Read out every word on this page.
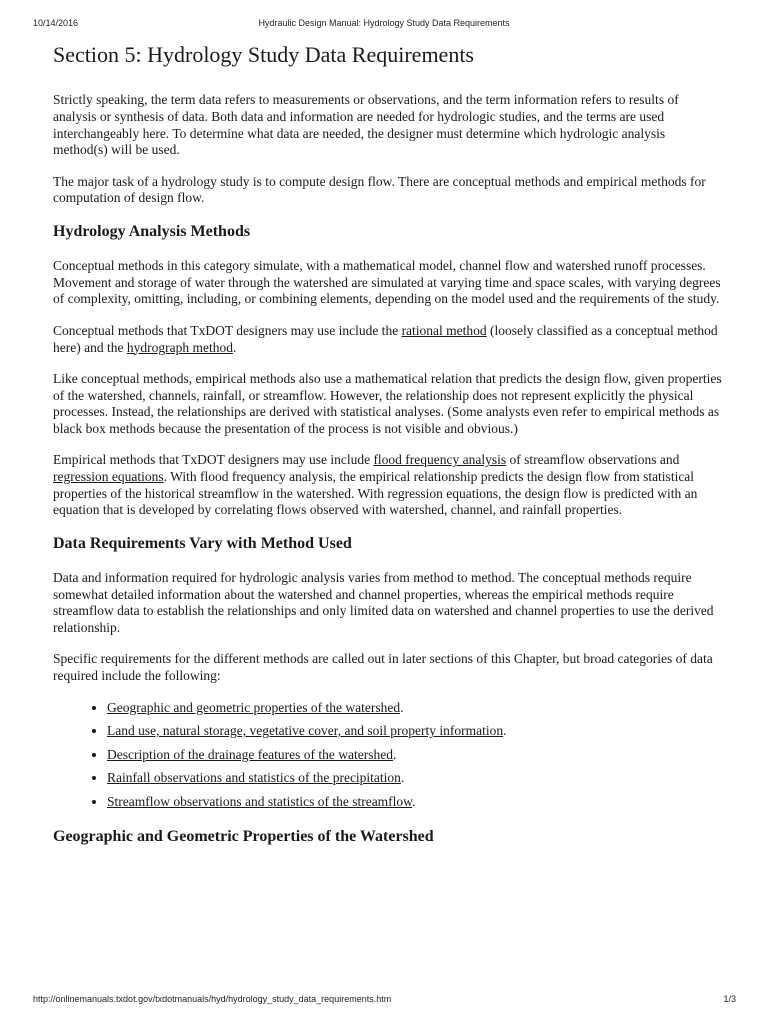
10/14/2016	Hydraulic Design Manual: Hydrology Study Data Requirements
Section 5: Hydrology Study Data Requirements

Strictly speaking, the term data refers to measurements or observations, and the term information refers to results of analysis or synthesis of data. Both data and information are needed for hydrologic studies, and the terms are used interchangeably here. To determine what data are needed, the designer must determine which hydrologic analysis method(s) will be used.

The major task of a hydrology study is to compute design flow. There are conceptual methods and empirical methods for computation of design flow.

Hydrology Analysis Methods

Conceptual methods in this category simulate, with a mathematical model, channel flow and watershed runoff processes. Movement and storage of water through the watershed are simulated at varying time and space scales, with varying degrees of complexity, omitting, including, or combining elements, depending on the model used and the requirements of the study.

Conceptual methods that TxDOT designers may use include the rational method (loosely classified as a conceptual method here) and the hydrograph method.

Like conceptual methods, empirical methods also use a mathematical relation that predicts the design flow, given properties of the watershed, channels, rainfall, or streamflow. However, the relationship does not represent explicitly the physical processes. Instead, the relationships are derived with statistical analyses. (Some analysts even refer to empirical methods as black box methods because the presentation of the process is not visible and obvious.)

Empirical methods that TxDOT designers may use include flood frequency analysis of streamflow observations and regression equations. With flood frequency analysis, the empirical relationship predicts the design flow from statistical properties of the historical streamflow in the watershed. With regression equations, the design flow is predicted with an equation that is developed by correlating flows observed with watershed, channel, and rainfall properties.

Data Requirements Vary with Method Used

Data and information required for hydrologic analysis varies from method to method. The conceptual methods require somewhat detailed information about the watershed and channel properties, whereas the empirical methods require streamflow data to establish the relationships and only limited data on watershed and channel properties to use the derived relationship.

Specific requirements for the different methods are called out in later sections of this Chapter, but broad categories of data required include the following:

• Geographic and geometric properties of the watershed.
• Land use, natural storage, vegetative cover, and soil property information.
• Description of the drainage features of the watershed.
• Rainfall observations and statistics of the precipitation.
• Streamflow observations and statistics of the streamflow.
Geographic and Geometric Properties of the Watershed
http://onlinemanuals.txdot.gov/txdotmanuals/hyd/hydrology_study_data_requirements.htm	1/3
